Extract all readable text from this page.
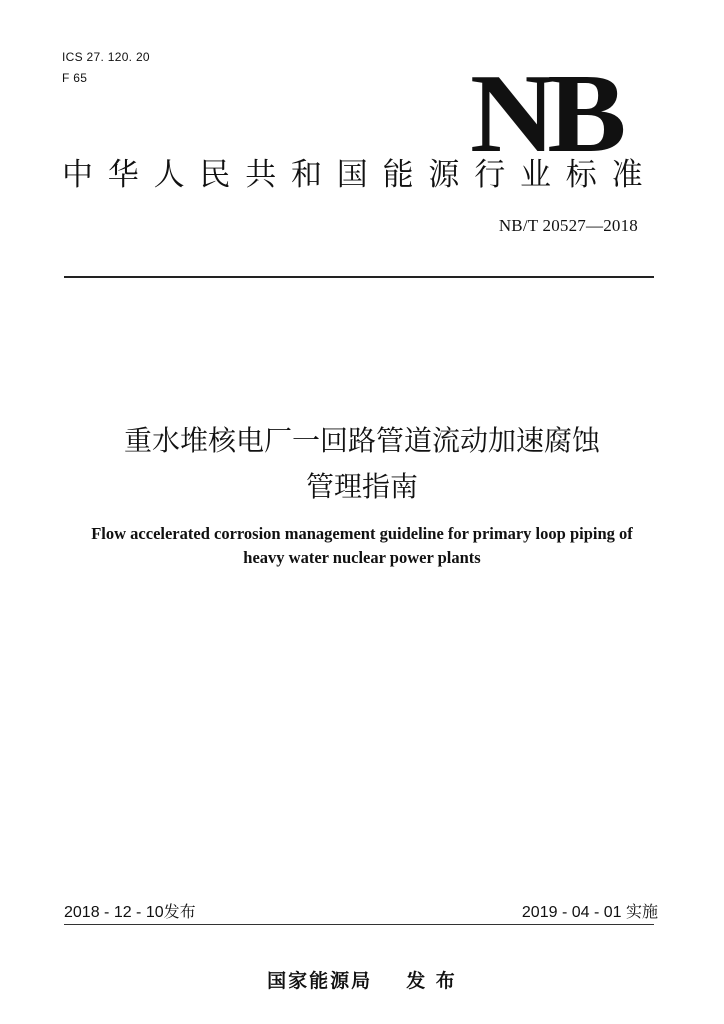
ICS 27. 120. 20
F 65	NB
中华人民共和国能源行业标准
NB/T 20527—2018
重水堆核电厂一回路管道流动加速腐蚀
管理指南
Flow accelerated corrosion management guideline for primary loop piping of
heavy water nuclear power plants
2018 - 12 - 10发布	2019 - 04 - 01 实施
国家能源局 发 布
